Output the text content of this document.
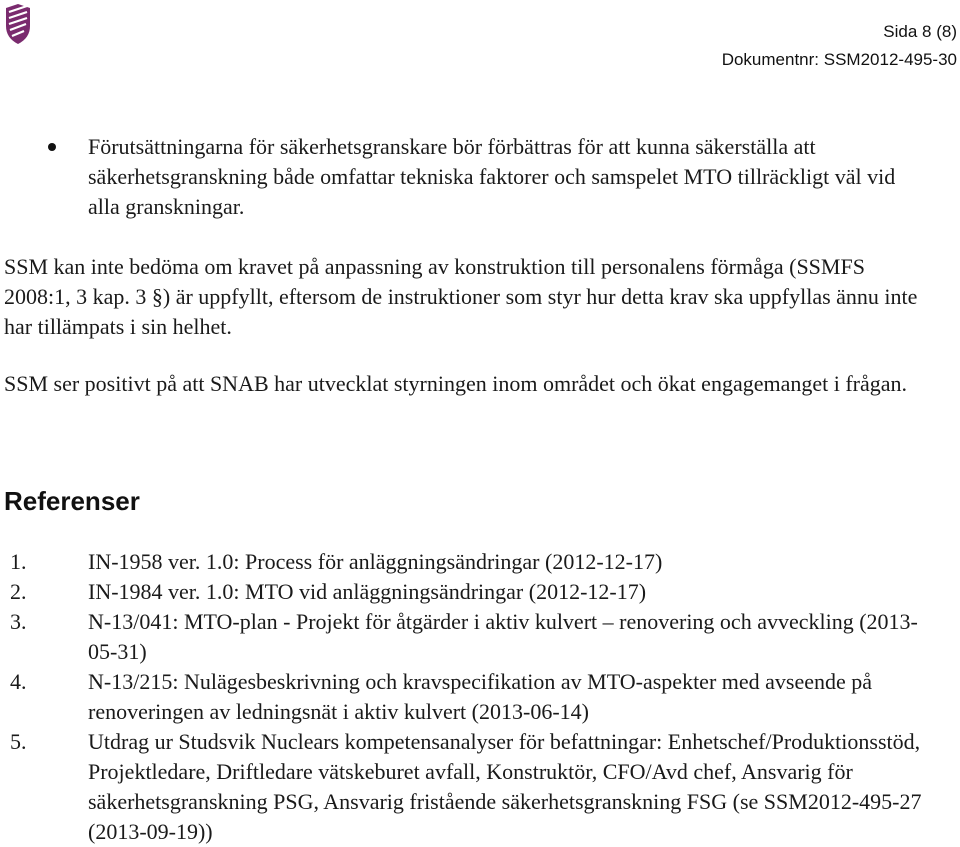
Sida 8 (8)
Dokumentnr: SSM2012-495-30
Förutsättningarna för säkerhetsgranskare bör förbättras för att kunna säkerställa att säkerhetsgranskning både omfattar tekniska faktorer och samspelet MTO tillräckligt väl vid alla granskningar.
SSM kan inte bedöma om kravet på anpassning av konstruktion till personalens förmåga (SSMFS 2008:1, 3 kap. 3 §) är uppfyllt, eftersom de instruktioner som styr hur detta krav ska uppfyllas ännu inte har tillämpats i sin helhet.
SSM ser positivt på att SNAB har utvecklat styrningen inom området och ökat engagemanget i frågan.
Referenser
1.	IN-1958 ver. 1.0: Process för anläggningsändringar (2012-12-17)
2.	IN-1984 ver. 1.0: MTO vid anläggningsändringar (2012-12-17)
3.	N-13/041: MTO-plan - Projekt för åtgärder i aktiv kulvert – renovering och avveckling (2013-05-31)
4.	N-13/215: Nulägesbeskrivning och kravspecifikation av MTO-aspekter med avseende på renoveringen av ledningsnät i aktiv kulvert (2013-06-14)
5.	Utdrag ur Studsvik Nuclears kompetensanalyser för befattningar: Enhetschef/Produktionsstöd, Projektledare, Driftledare vätskeburet avfall, Konstruktör, CFO/Avd chef, Ansvarig för säkerhetsgranskning PSG, Ansvarig fristående säkerhetsgranskning FSG (se SSM2012-495-27 (2013-09-19))
